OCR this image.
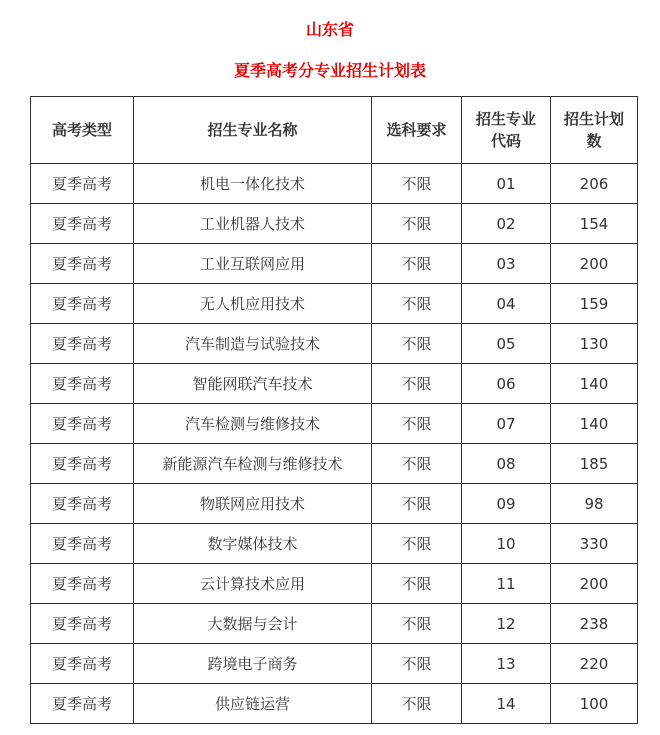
山东省
夏季高考分专业招生计划表
高考类型	招生专业名称	选科要求	招生专业代码	招生计划数
夏季高考	机电一体化技术	不限	01	206
夏季高考	工业机器人技术	不限	02	154
夏季高考	工业互联网应用	不限	03	200
夏季高考	无人机应用技术	不限	04	159
夏季高考	汽车制造与试验技术	不限	05	130
夏季高考	智能网联汽车技术	不限	06	140
夏季高考	汽车检测与维修技术	不限	07	140
夏季高考	新能源汽车检测与维修技术	不限	08	185
夏季高考	物联网应用技术	不限	09	98
夏季高考	数字媒体技术	不限	10	330
夏季高考	云计算技术应用	不限	11	200
夏季高考	大数据与会计	不限	12	238
夏季高考	跨境电子商务	不限	13	220
夏季高考	供应链运营	不限	14	100
